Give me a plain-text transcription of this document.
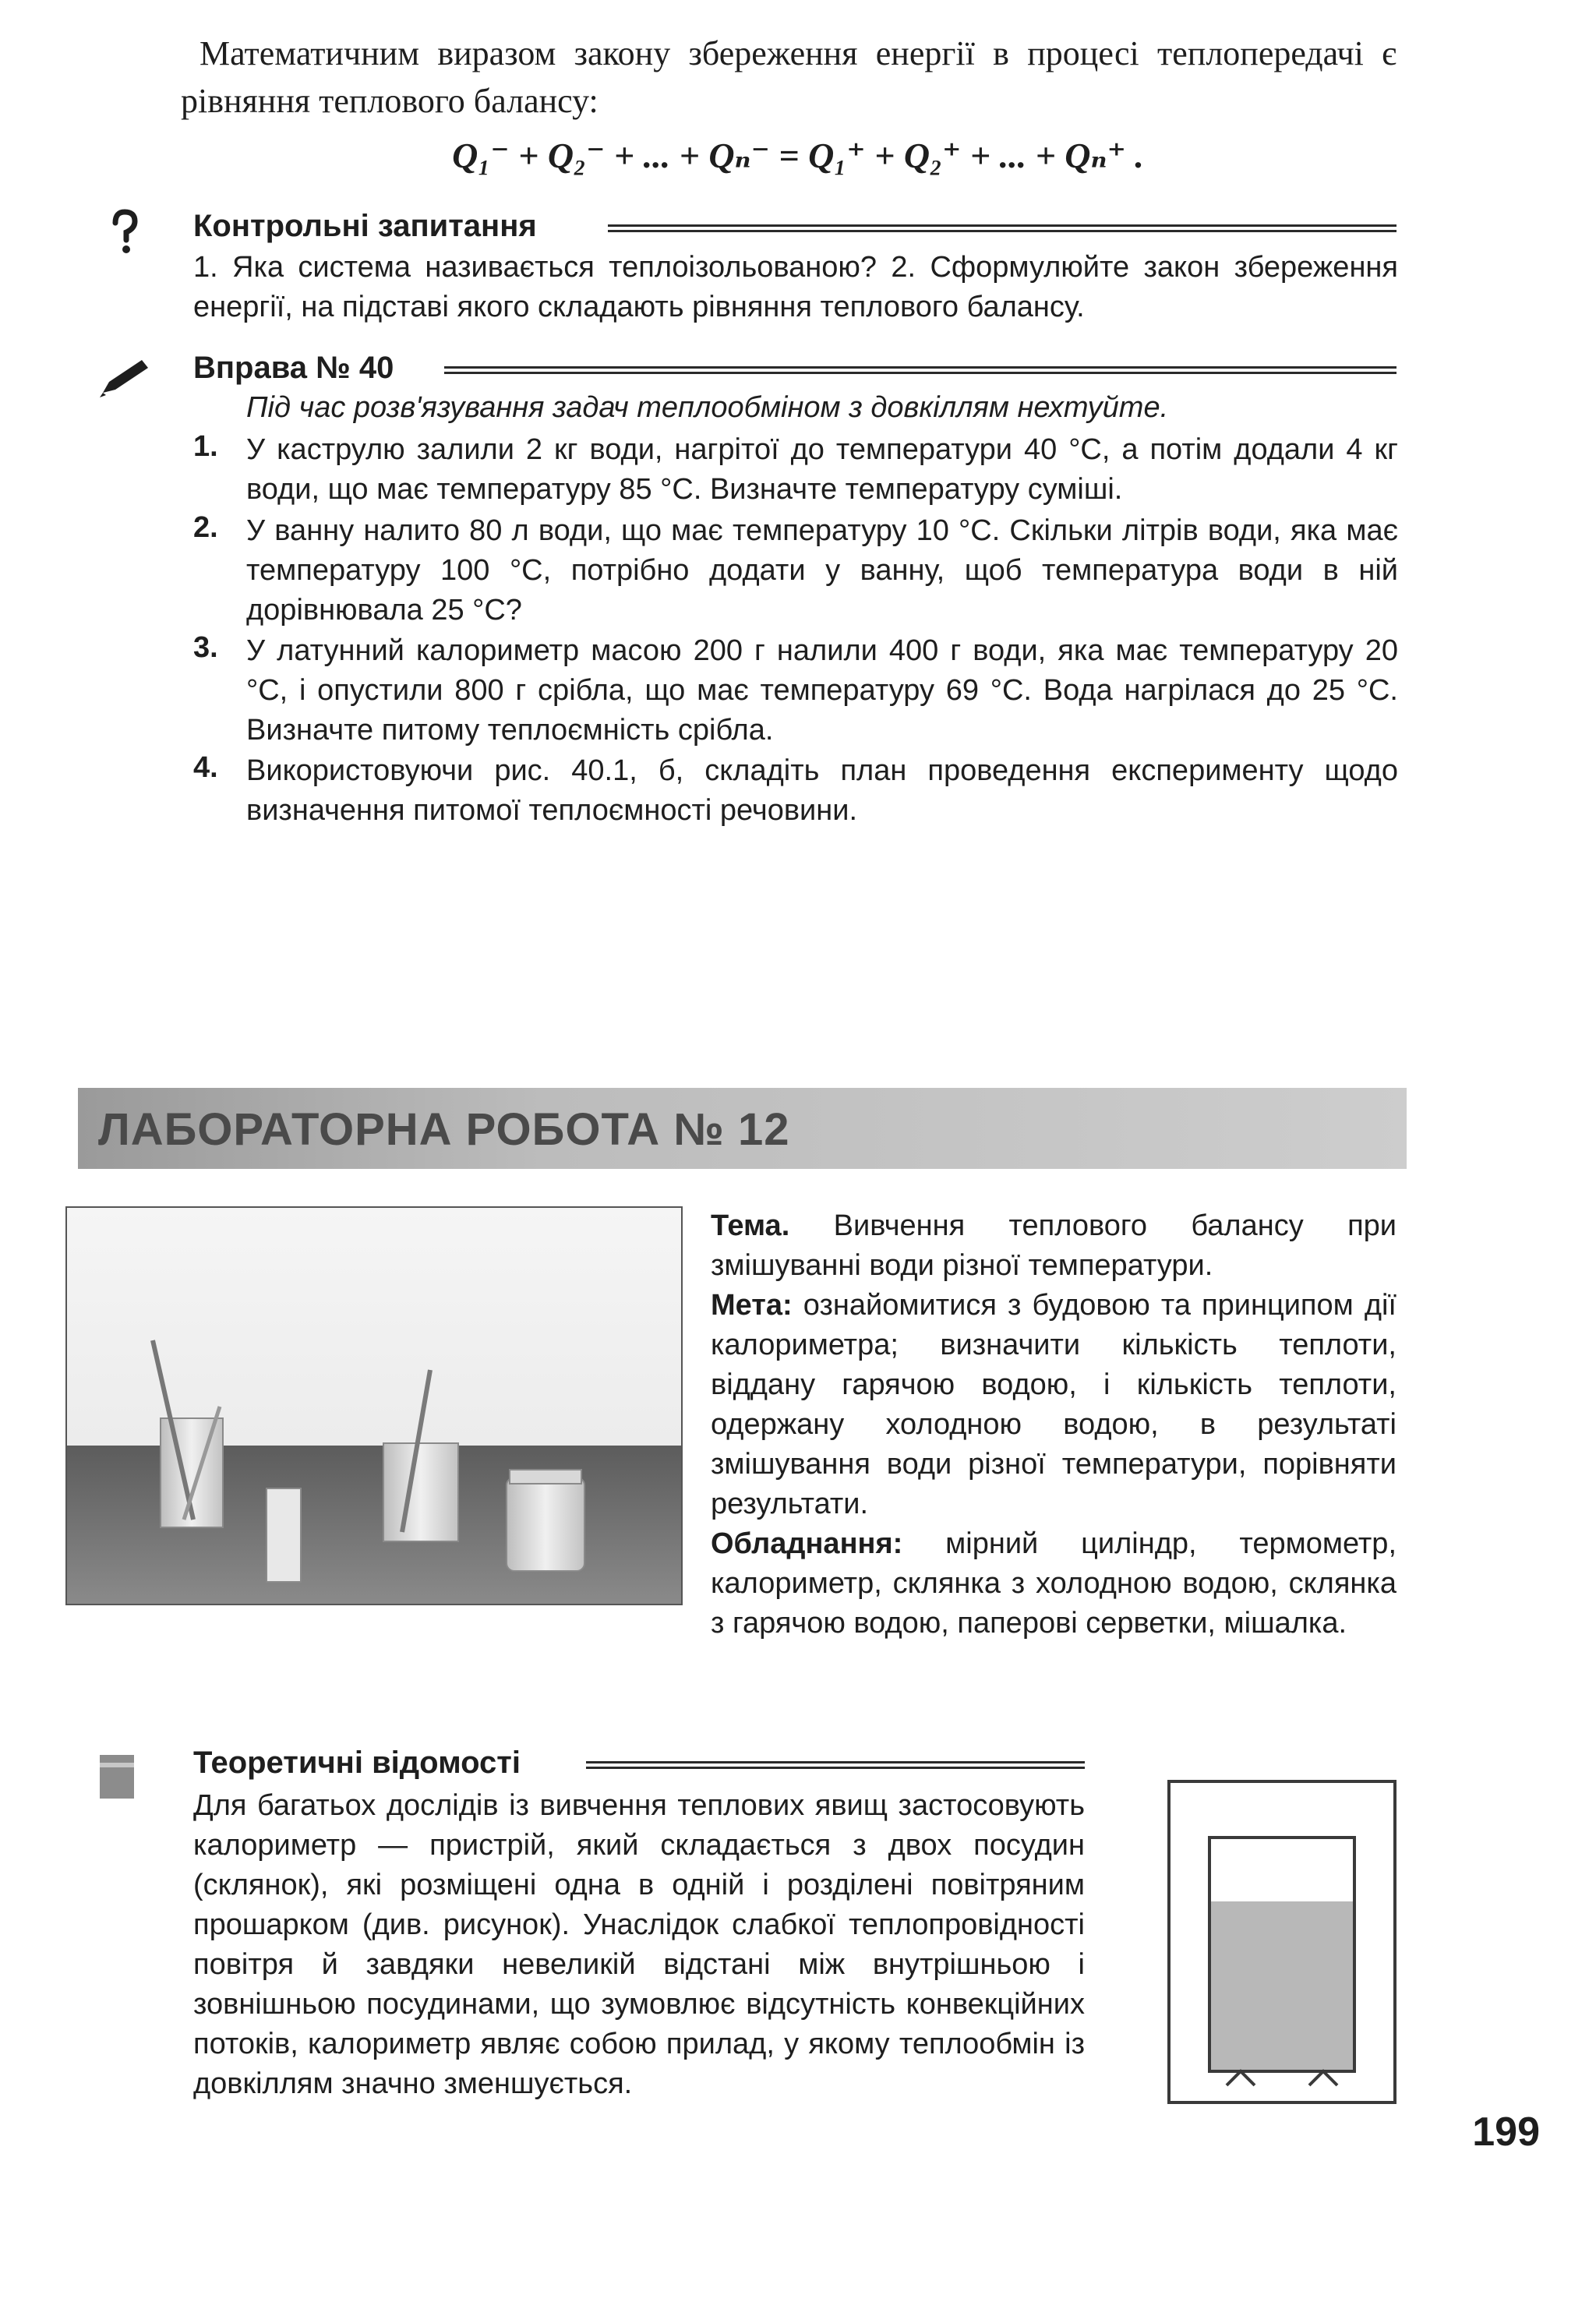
Математичним виразом закону збереження енергії в процесі теплопередачі є рівняння теплового балансу:
Q₁⁻ + Q₂⁻ + ... + Qₙ⁻ = Q₁⁺ + Q₂⁺ + ... + Qₙ⁺ .
Контрольні запитання
1. Яка система називається теплоізольованою? 2. Сформулюйте закон збереження енергії, на підставі якого складають рівняння теплового балансу.
Вправа № 40
Під час розв'язування задач теплообміном з довкіллям нехтуйте.
1. У каструлю залили 2 кг води, нагрітої до температури 40 °С, а потім додали 4 кг води, що має температуру 85 °С. Визначте температуру суміші.
2. У ванну налито 80 л води, що має температуру 10 °С. Скільки літрів води, яка має температуру 100 °С, потрібно додати у ванну, щоб температура води в ній дорівнювала 25 °С?
3. У латунний калориметр масою 200 г налили 400 г води, яка має температуру 20 °С, і опустили 800 г срібла, що має температуру 69 °С. Вода нагрілася до 25 °С. Визначте питому теплоємність срібла.
4. Використовуючи рис. 40.1, б, складіть план проведення експерименту щодо визначення питомої теплоємності речовини.
ЛАБОРАТОРНА РОБОТА № 12
Тема. Вивчення теплового балансу при змішуванні води різної температури.
Мета: ознайомитися з будовою та принципом дії калориметра; визначити кількість теплоти, віддану гарячою водою, і кількість теплоти, одержану холодною водою, в результаті змішування води різної температури, порівняти результати.
Обладнання: мірний циліндр, термометр, калориметр, склянка з холодною водою, склянка з гарячою водою, паперові серветки, мішалка.
Теоретичні відомості
Для багатьох дослідів із вивчення теплових явищ застосовують калориметр — пристрій, який складається з двох посудин (склянок), які розміщені одна в одній і розділені повітряним прошарком (див. рисунок). Унаслідок слабкої теплопровідності повітря й завдяки невеликій відстані між внутрішньою і зовнішньою посудинами, що зумовлює відсутність конвекційних потоків, калориметр являє собою прилад, у якому теплообмін із довкіллям значно зменшується.
199
